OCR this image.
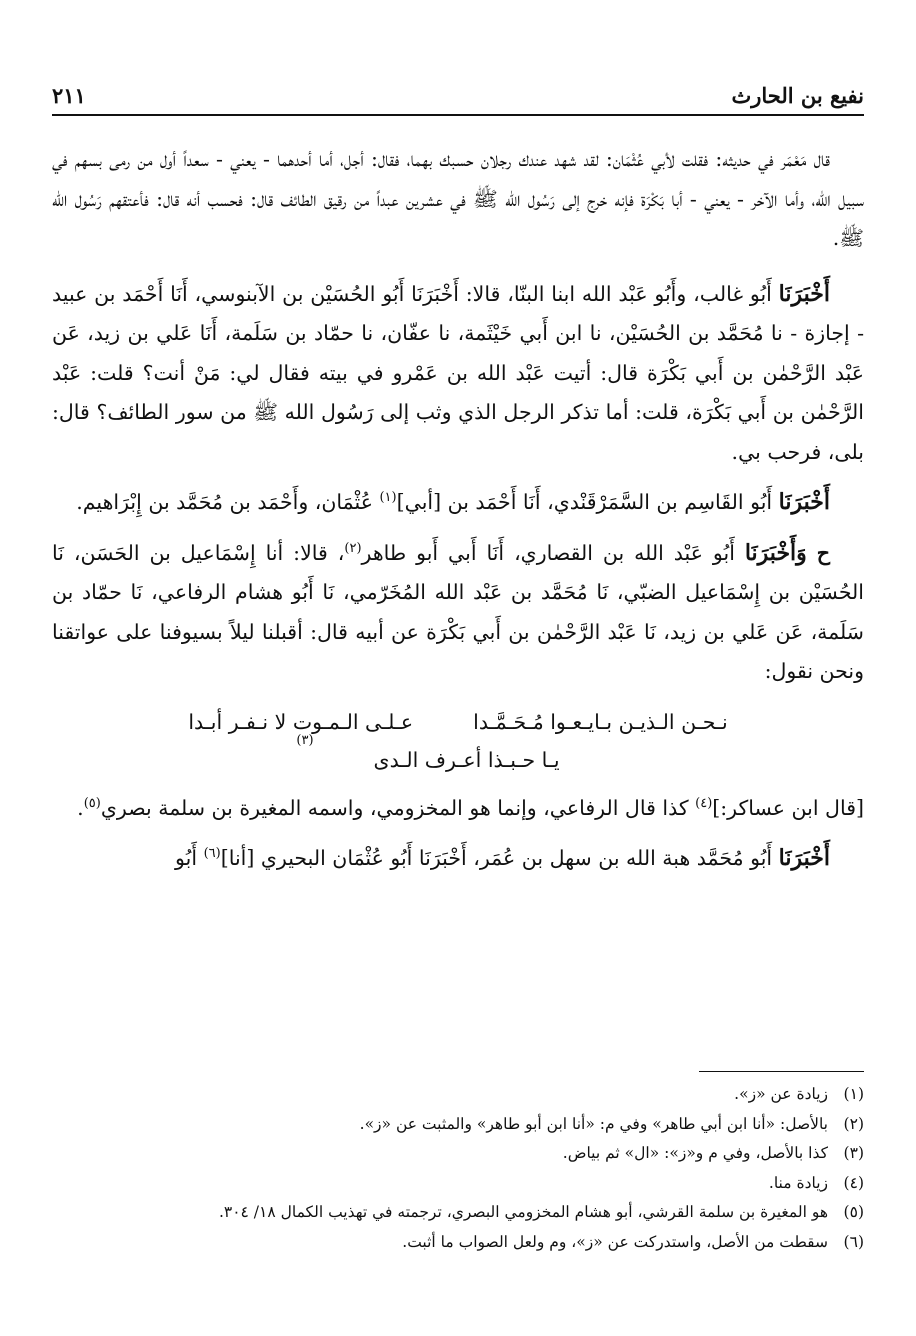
نفيع بن الحارث
٢١١

قال مَعْمَر في حديثه: فقلت لأبي عُثْمَان: لقد شهد عندك رجلان حسبك بهما، فقال: أجل، أما أحدهما - يعني - سعداً أول من رمى بسهم في سبيل الله، وأما الآخر - يعني - أبا بَكْرَة فإنه خرج إلى رَسُول الله ﷺ في عشرين عبداً من رقيق الطائف قال: فحسب أنه قال: فأعتقهم رَسُول الله ﷺ.

أَخْبَرَنَا أَبُو غالب، وأَبُو عَبْد الله ابنا البنّا، قالا: أَخْبَرَنَا أَبُو الحُسَيْن بن الآبنوسي، أَنَا أَحْمَد بن عبيد - إجازة - نا مُحَمَّد بن الحُسَيْن، نا ابن أَبي خَيْثَمة، نا عفّان، نا حمّاد بن سَلَمة، أَنَا عَلي بن زيد، عَن عَبْد الرَّحْمٰن بن أَبي بَكْرَة قال: أتيت عَبْد الله بن عَمْرو في بيته فقال لي: مَنْ أنت؟ قلت: عَبْد الرَّحْمٰن بن أَبي بَكْرَة، قلت: أما تذكر الرجل الذي وثب إلى رَسُول الله ﷺ من سور الطائف؟ قال: بلى، فرحب بي.

أَخْبَرَنَا أَبُو القَاسِم بن السَّمَرْقَنْدي، أَنَا أَحْمَد بن [أبي]$^{(١)}$ عُثْمَان، وأَحْمَد بن مُحَمَّد بن إِبْرَاهيم.

ح وَأَخْبَرَنَا أَبُو عَبْد الله بن القصاري، أَنَا أَبي أَبو طاهر$^{(٢)}$، قالا: أنا إِسْمَاعيل بن الحَسَن، نَا الحُسَيْن بن إِسْمَاعيل الضبّي، نَا مُحَمَّد بن عَبْد الله المُخَرّمي، نَا أَبُو هشام الرفاعي، نَا حمّاد بن سَلَمة، عَن عَلي بن زيد، نَا عَبْد الرَّحْمٰن بن أَبي بَكْرَة عن أبيه قال: أقبلنا ليلاً بسيوفنا على عواتقنا ونحن نقول:

نـحـن الـذيـن بـايـعـوا مُـحَـمَّـدا
عـلـى الـمـوت لا نـفـر أبـدا
يـا حـبـذا أعـرف الـدى
(٣)

[قال ابن عساكر:]$^{(٤)}$ كذا قال الرفاعي، وإنما هو المخزومي، واسمه المغيرة بن سلمة بصري$^{(٥)}$.

أَخْبَرَنَا أَبُو مُحَمَّد هبة الله بن سهل بن عُمَر، أَخْبَرَنَا أَبُو عُثْمَان البحيري [أنا]$^{(٦)}$ أَبُو

(١)
زيادة عن «ز».
(٢)
بالأصل: «أنا ابن أبي طاهر» وفي م: «أنا ابن أبو طاهر» والمثبت عن «ز».
(٣)
كذا بالأصل، وفي م و«ز»: «ال» ثم بياض.
(٤)
زيادة منا.
(٥)
هو المغيرة بن سلمة القرشي، أبو هشام المخزومي البصري، ترجمته في تهذيب الكمال ١٨/ ٣٠٤.
(٦)
سقطت من الأصل، واستدركت عن «ز»، وم ولعل الصواب ما أثبت.
